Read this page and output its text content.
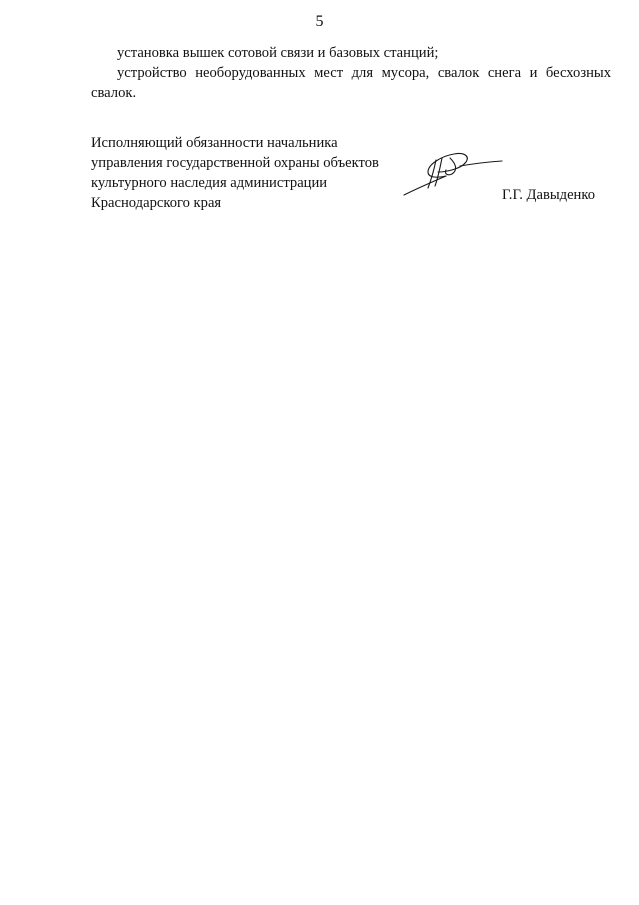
5

установка вышек сотовой связи и базовых станций;

устройство необорудованных мест для мусора, свалок снега и бесхозных свалок.

Исполняющий обязанности начальника
управления государственной охраны объектов
культурного наследия администрации
Краснодарского края	Г.Г. Давыденко
